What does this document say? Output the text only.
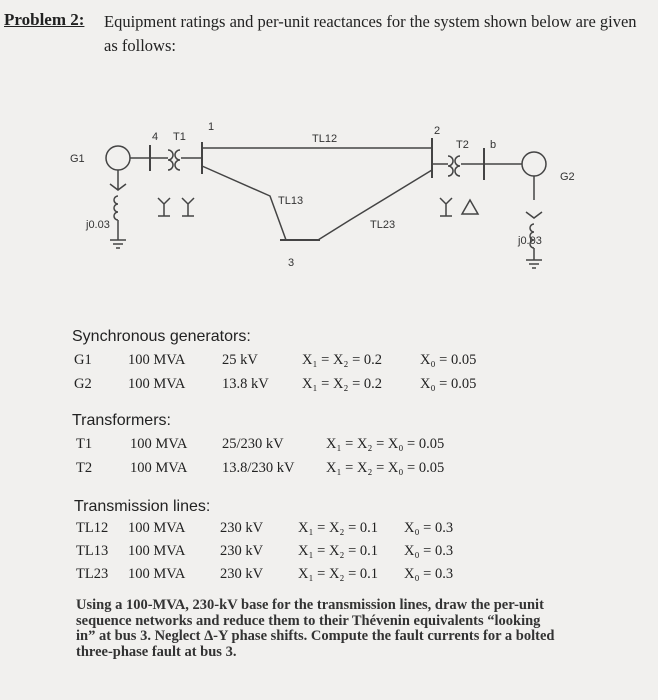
Problem 2: Equipment ratings and per-unit reactances for the system shown below are given as follows:
G1
G2
T1
T2
1	2
3
4
b
TL12
TL13
TL23
j0.03
j0.03
Synchronous generators:
G1	100 MVA	25 kV	X₁ = X₂ = 0.2	X₀ = 0.05
G2	100 MVA	13.8 kV X₁ = X₂ = 0.2	X₀ = 0.05
Transformers:
T1	100 MVA 25/230 kV	X₁ = X₂ = X₀ = 0.05
T2	100 MVA 13.8/230 kV X₁ = X₂ = X₀ = 0.05
Transmission lines:
TL12 100 MVA 230 kV X₁ = X₂ = 0.1 X₀ = 0.3
TL13 100 MVA 230 kV X₁ = X₂ = 0.1 X₀ = 0.3
TL23 100 MVA 230 kV X₁ = X₂ = 0.1 X₀ = 0.3
Using a 100-MVA, 230-kV base for the transmission lines, draw the per-unit sequence networks and reduce them to their Thévenin equivalents “looking in” at bus 3. Neglect Δ-Y phase shifts. Compute the fault currents for a bolted three-phase fault at bus 3.
